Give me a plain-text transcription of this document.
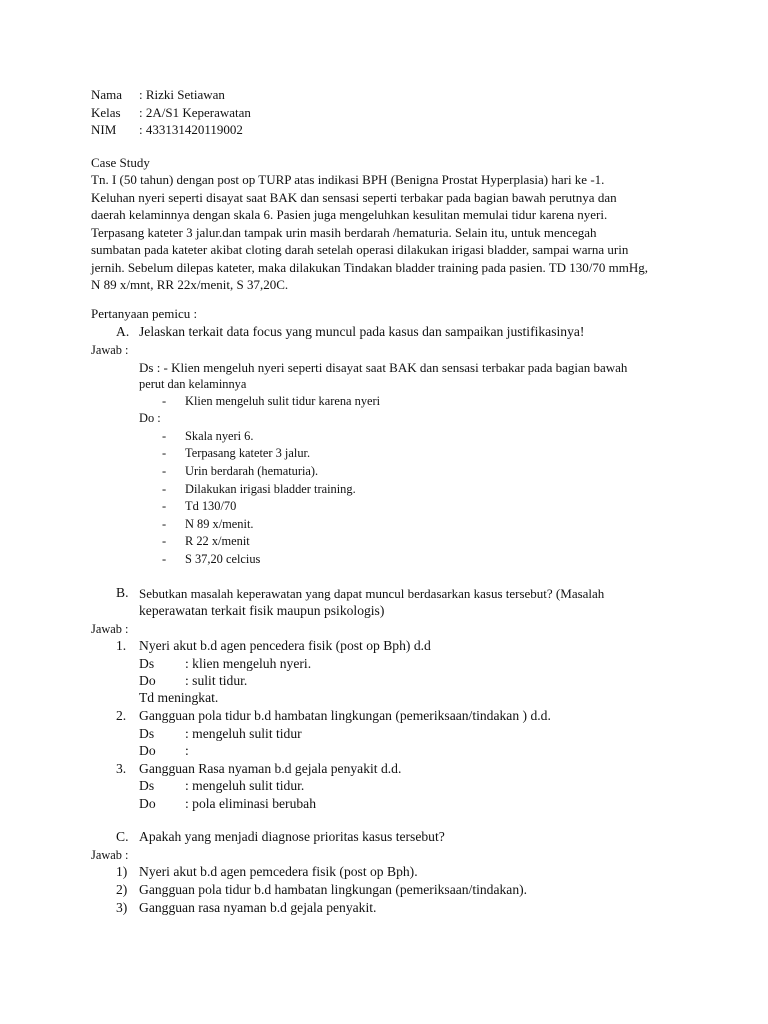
Nama : Rizki Setiawan
Kelas : 2A/S1 Keperawatan
NIM : 433131420119002
Case Study
Tn. I (50 tahun) dengan post op TURP atas indikasi BPH (Benigna Prostat Hyperplasia) hari ke -1.
Keluhan nyeri seperti disayat saat BAK dan sensasi seperti terbakar pada bagian bawah perutnya dan
daerah kelaminnya dengan skala 6. Pasien juga mengeluhkan kesulitan memulai tidur karena nyeri.
Terpasang kateter 3 jalur.dan tampak urin masih berdarah /hematuria. Selain itu, untuk mencegah
sumbatan pada kateter akibat cloting darah setelah operasi dilakukan irigasi bladder, sampai warna urin
jernih. Sebelum dilepas kateter, maka dilakukan Tindakan bladder training pada pasien. TD 130/70 mmHg,
N 89 x/mnt, RR 22x/menit, S 37,20C.
Pertanyaan pemicu :
A. Jelaskan terkait data focus yang muncul pada kasus dan sampaikan justifikasinya!
Jawab :
Ds : - Klien mengeluh nyeri seperti disayat saat BAK dan sensasi terbakar pada bagian bawah
perut dan kelaminnya
- Klien mengeluh sulit tidur karena nyeri
Do :
- Skala nyeri 6.
- Terpasang kateter 3 jalur.
- Urin berdarah (hematuria).
- Dilakukan irigasi bladder training.
- Td 130/70
- N 89 x/menit.
- R 22 x/menit
- S 37,20 celcius
B. Sebutkan masalah keperawatan yang dapat muncul berdasarkan kasus tersebut? (Masalah
keperawatan terkait fisik maupun psikologis)
Jawab :
1. Nyeri akut b.d agen pencedera fisik (post op Bph) d.d
Ds : klien mengeluh nyeri.
Do : sulit tidur.
Td meningkat.
2. Gangguan pola tidur b.d hambatan lingkungan (pemeriksaan/tindakan ) d.d.
Ds : mengeluh sulit tidur
Do :
3. Gangguan Rasa nyaman b.d gejala penyakit d.d.
Ds : mengeluh sulit tidur.
Do : pola eliminasi berubah
C. Apakah yang menjadi diagnose prioritas kasus tersebut?
Jawab :
1) Nyeri akut b.d agen pemcedera fisik (post op Bph).
2) Gangguan pola tidur b.d hambatan lingkungan (pemeriksaan/tindakan).
3) Gangguan rasa nyaman b.d gejala penyakit.
